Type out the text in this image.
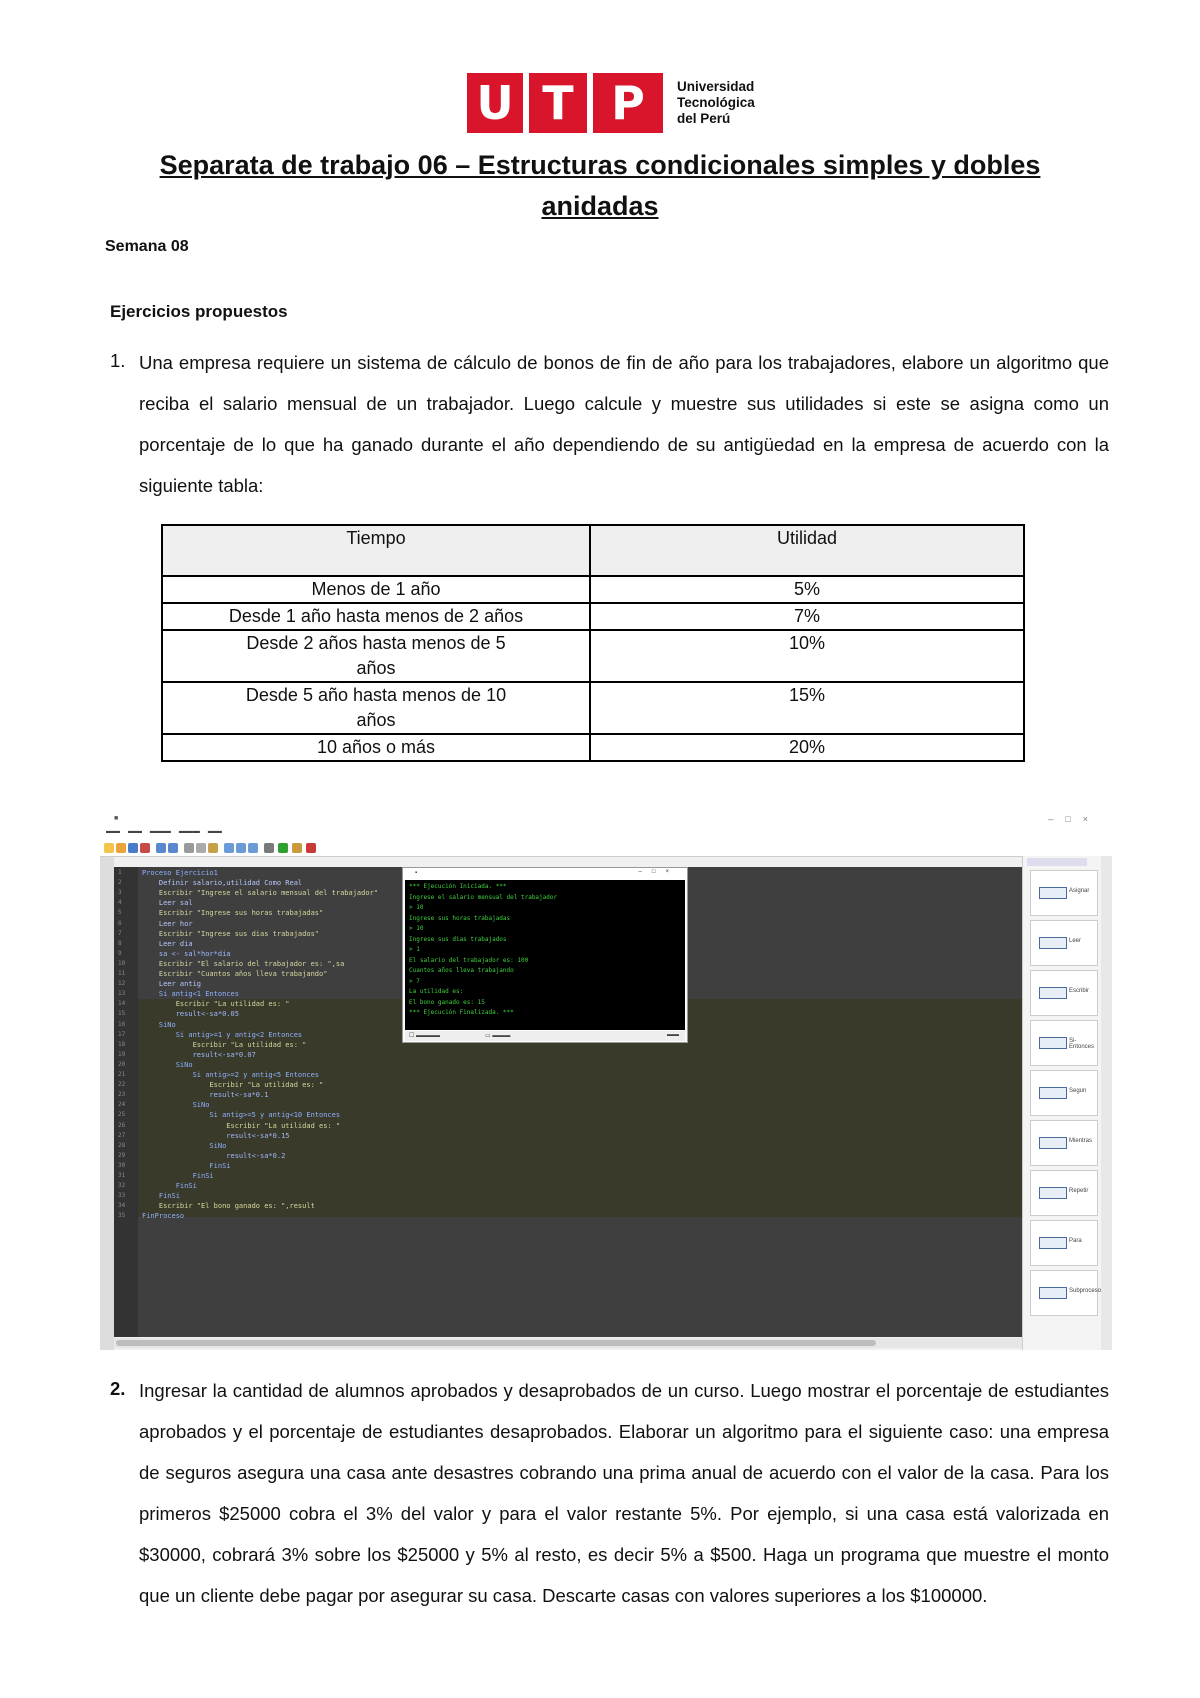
U T P	Universidad
Tecnológica
del Perú
Separata de trabajo 06 – Estructuras condicionales simples y dobles
anidadas
Semana 08
Ejercicios propuestos
1. Una empresa requiere un sistema de cálculo de bonos de fin de año para los trabajadores, elabore un algoritmo que reciba el salario mensual de un trabajador. Luego calcule y muestre sus utilidades si este se asigna como un porcentaje de lo que ha ganado durante el año dependiendo de su antigüedad en la empresa de acuerdo con la siguiente tabla:
Tiempo	Utilidad
Menos de 1 año	5%
Desde 1 año hasta menos de 2 años	7%
Desde 2 años hasta menos de 5 años	10%
Desde 5 año hasta menos de 10 años	15%
10 años o más	20%
■	–□×
▬▬ ▬▬ ▬▬▬ ▬▬▬ ▬▬
Proceso Ejercicio1
Definir salario,utilidad Como Real
Escribir "Ingrese el salario mensual del trabajador"
Leer sal
Escribir "Ingrese sus horas trabajadas"
Leer hor
Escribir "Ingrese sus dias trabajados"
Leer dia
sa <- sal*hor*dia
Escribir "El salario del trabajador es: ",sa
Escribir "Cuantos años lleva trabajando"
Leer antig
Si antig<1 Entonces
Escribir "La utilidad es: "
result<-sa*0.05
SiNo
Si antig>=1 y antig<2 Entonces
Escribir "La utilidad es: "
result<-sa*0.07
SiNo
Si antig>=2 y antig<5 Entonces
Escribir "La utilidad es: "
result<-sa*0.1
SiNo
Si antig>=5 y antig<10 Entonces
Escribir "La utilidad es: "
result<-sa*0.15
SiNo
result<-sa*0.2
FinSi
FinSi
FinSi
FinSi
Escribir "El bono ganado es: ",result
FinProceso
1
2
3
4
5
6
7
8
9
10
11
12
13
14
15
16
17
18
19
20
21
22
23
24
25
26
27
28
29
30
31
32
33
34
35
▪	–□×
*** Ejecución Iniciada. ***
Ingrese el salario mensual del trabajador
> 10
Ingrese sus horas trabajadas
> 10
Ingrese sus dias trabajados
> 1
El salario del trabajador es: 100
Cuantos años lleva trabajando
> 7
La utilidad es:
El bono ganado es: 15
*** Ejecución Finalizada. ***
☐ ▬▬▬▬	▭ ▬▬▬	▬▬
Asignar
Leer
Escribir
Si-Entonces
Segun
Mientras
Repetir
Para
Subproceso
2. Ingresar la cantidad de alumnos aprobados y desaprobados de un curso. Luego mostrar el porcentaje de estudiantes aprobados y el porcentaje de estudiantes desaprobados. Elaborar un algoritmo para el siguiente caso: una empresa de seguros asegura una casa ante desastres cobrando una prima anual de acuerdo con el valor de la casa. Para los primeros $25000 cobra el 3% del valor y para el valor restante 5%. Por ejemplo, si una casa está valorizada en $30000, cobrará 3% sobre los $25000 y 5% al resto, es decir 5% a $500. Haga un programa que muestre el monto que un cliente debe pagar por asegurar su casa. Descarte casas con valores superiores a los $100000.
